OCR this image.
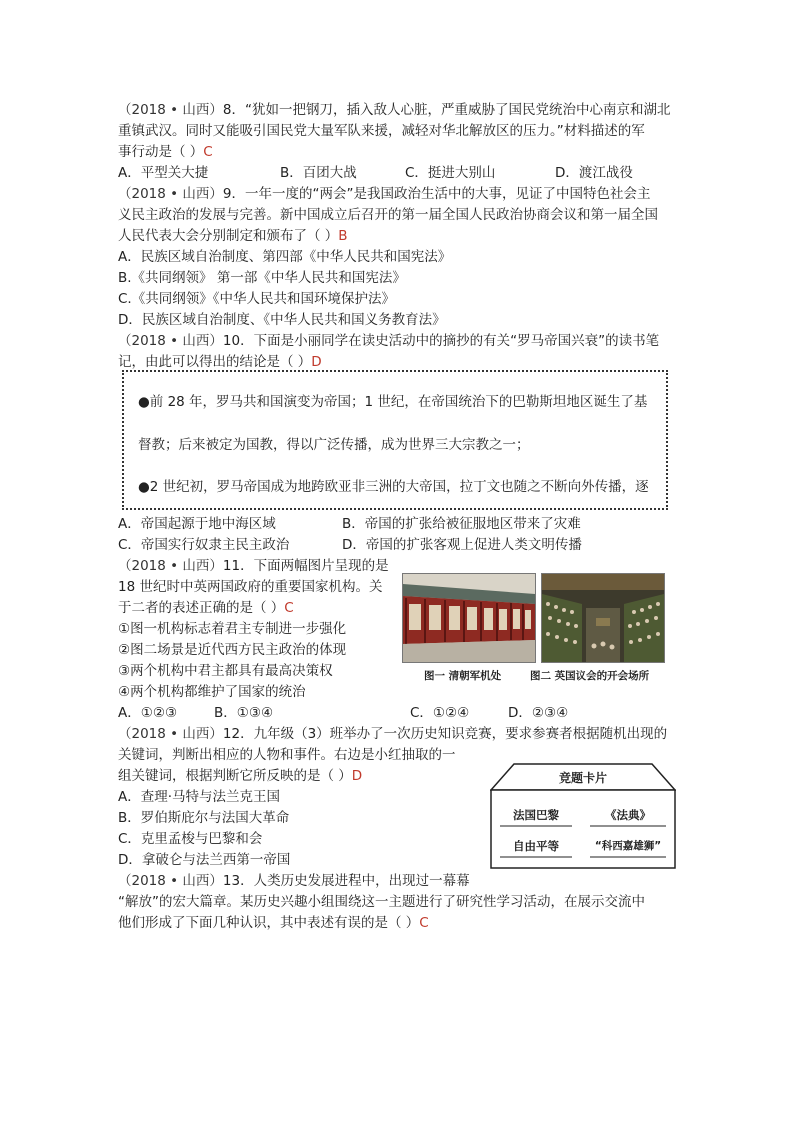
（2018 • 山西）8．“犹如一把钢刀，插入敌人心脏，严重威胁了国民党统治中心南京和湖北
重镇武汉。同时又能吸引国民党大量军队来援，减轻对华北解放区的压力。”材料描述的军
事行动是（ ）C
A．平型关大捷	B．百团大战	C．挺进大别山	D．渡江战役
（2018 • 山西）9．一年一度的“两会”是我国政治生活中的大事，见证了中国特色社会主
义民主政治的发展与完善。新中国成立后召开的第一届全国人民政治协商会议和第一届全国
人民代表大会分别制定和颁布了（ ）B
A．民族区域自治制度、第四部《中华人民共和国宪法》
B.《共同纲领》 第一部《中华人民共和国宪法》
C.《共同纲领》《中华人民共和国环境保护法》
D．民族区域自治制度、《中华人民共和国义务教育法》
（2018 • 山西）10．下面是小丽同学在读史活动中的摘抄的有关“罗马帝国兴衰”的读书笔
记，由此可以得出的结论是（ ）D
●前 28 年，罗马共和国演变为帝国；1 世纪，在帝国统治下的巴勒斯坦地区诞生了基
督教；后来被定为国教，得以广泛传播，成为世界三大宗教之一；
●2 世纪初，罗马帝国成为地跨欧亚非三洲的大帝国，拉丁文也随之不断向外传播，逐
A．帝国起源于地中海区域	B．帝国的扩张给被征服地区带来了灾难
C．帝国实行奴隶主民主政治	D．帝国的扩张客观上促进人类文明传播
（2018 • 山西）11．下面两幅图片呈现的是
18 世纪时中英两国政府的重要国家机构。关
于二者的表述正确的是（ ）C
①图一机构标志着君主专制进一步强化
②图二场景是近代西方民主政治的体现
③两个机构中君主都具有最高决策权
④两个机构都维护了国家的统治
A．①②③	B．①③④	C．①②④	D．②③④
图一 清朝军机处	图二 英国议会的开会场所
（2018 • 山西）12．九年级（3）班举办了一次历史知识竞赛，要求参赛者根据随机出现的
关键词，判断出相应的人物和事件。右边是小红抽取的一
组关键词，根据判断它所反映的是（ ）D
A．查理·马特与法兰克王国
B．罗伯斯庇尔与法国大革命
C．克里孟梭与巴黎和会
D．拿破仑与法兰西第一帝国
竞题卡片
法国巴黎	《法典》
自由平等	“科西嘉雄狮”
（2018 • 山西）13．人类历史发展进程中，出现过一幕幕
“解放”的宏大篇章。某历史兴趣小组围绕这一主题进行了研究性学习活动，在展示交流中
他们形成了下面几种认识，其中表述有误的是（ ）C
